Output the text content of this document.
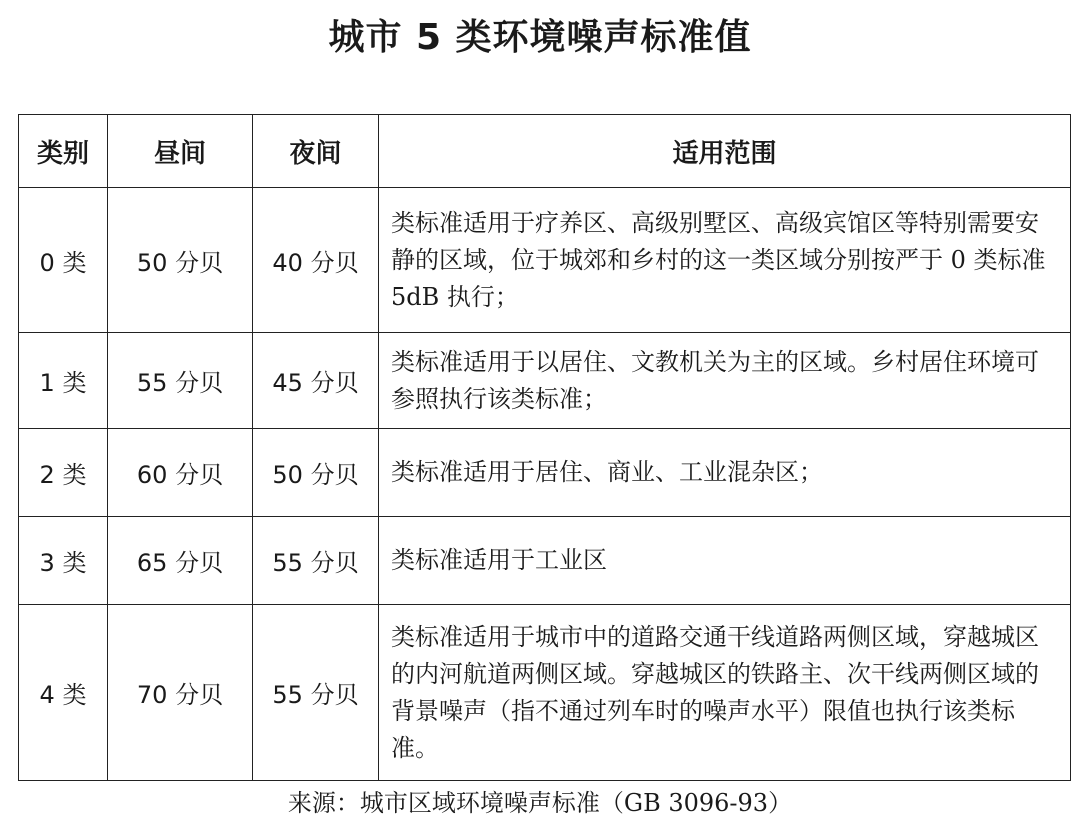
城市 5 类环境噪声标准值
类别	昼间	夜间	适用范围
0 类	50 分贝	40 分贝	类标准适用于疗养区、高级别墅区、高级宾馆区等特别需要安静的区域，位于城郊和乡村的这一类区域分别按严于 0 类标准 5dB 执行；
1 类	55 分贝	45 分贝	类标准适用于以居住、文教机关为主的区域。乡村居住环境可参照执行该类标准；
2 类	60 分贝	50 分贝	类标准适用于居住、商业、工业混杂区；
3 类	65 分贝	55 分贝	类标准适用于工业区
4 类	70 分贝	55 分贝	类标准适用于城市中的道路交通干线道路两侧区域，穿越城区的内河航道两侧区域。穿越城区的铁路主、次干线两侧区域的背景噪声（指不通过列车时的噪声水平）限值也执行该类标准。
来源：城市区域环境噪声标准（GB 3096-93）
